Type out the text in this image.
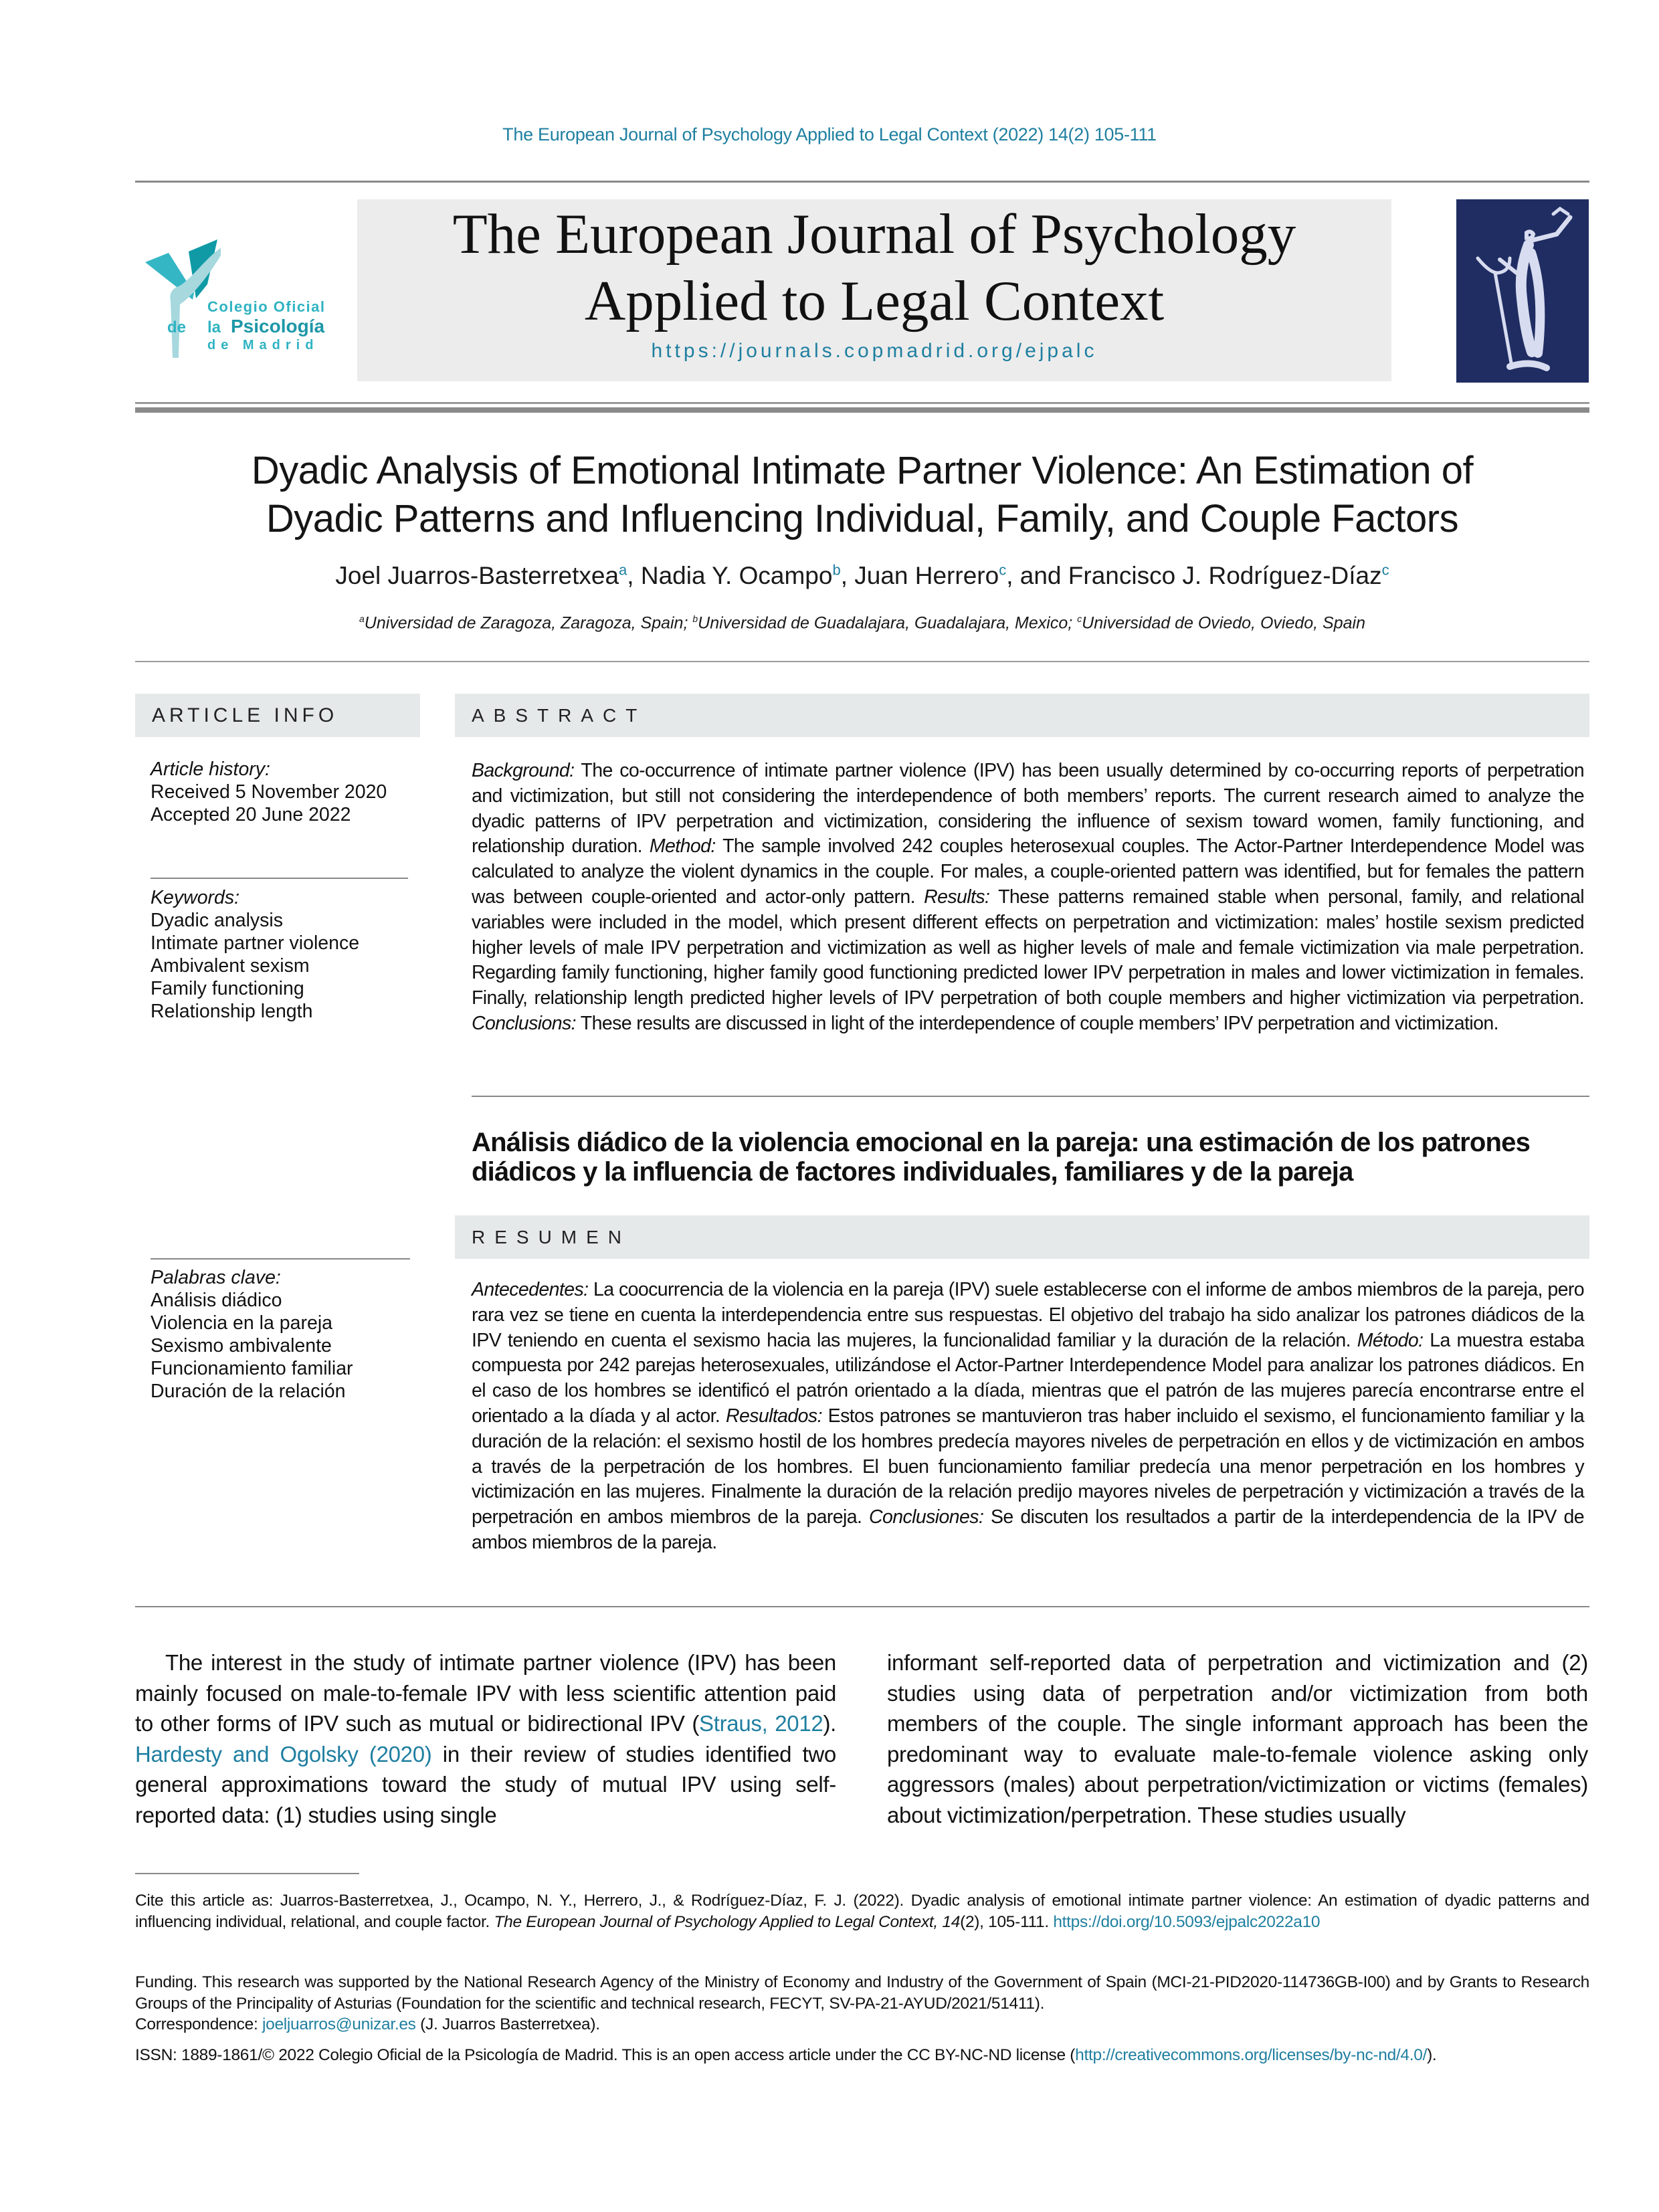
The European Journal of Psychology Applied to Legal Context (2022) 14(2) 105-111
Colegio Oficial
de la Psicología
de Madrid
The European Journal of Psychology
Applied to Legal Context
https://journals.copmadrid.org/ejpalc
Dyadic Analysis of Emotional Intimate Partner Violence: An Estimation of
Dyadic Patterns and Influencing Individual, Family, and Couple Factors
Joel Juarros-Basterretxea$^a$, Nadia Y. Ocampo$^b$, Juan Herrero$^c$, and Francisco J. Rodríguez-Díaz$^c$
$^a$Universidad de Zaragoza, Zaragoza, Spain; $^b$Universidad de Guadalajara, Guadalajara, Mexico; $^c$Universidad de Oviedo, Oviedo, Spain
ARTICLE INFO
Article history:
Received 5 November 2020
Accepted 20 June 2022
Keywords:
Dyadic analysis
Intimate partner violence
Ambivalent sexism
Family functioning
Relationship length
Palabras clave:
Análisis diádico
Violencia en la pareja
Sexismo ambivalente
Funcionamiento familiar
Duración de la relación
ABSTRACT
Background: The co-occurrence of intimate partner violence (IPV) has been usually determined by co-occurring reports of perpetration and victimization, but still not considering the interdependence of both members’ reports. The current research aimed to analyze the dyadic patterns of IPV perpetration and victimization, considering the influence of sexism toward women, family functioning, and relationship duration. Method: The sample involved 242 couples heterosexual couples. The Actor-Partner Interdependence Model was calculated to analyze the violent dynamics in the couple. For males, a couple-oriented pattern was identified, but for females the pattern was between couple-oriented and actor-only pattern. Results: These patterns remained stable when personal, family, and relational variables were included in the model, which present different effects on perpetration and victimization: males’ hostile sexism predicted higher levels of male IPV perpetration and victimization as well as higher levels of male and female victimization via male perpetration. Regarding family functioning, higher family good functioning predicted lower IPV perpetration in males and lower victimization in females. Finally, relationship length predicted higher levels of IPV perpetration of both couple members and higher victimization via perpetration. Conclusions: These results are discussed in light of the interdependence of couple members’ IPV perpetration and victimization.
Análisis diádico de la violencia emocional en la pareja: una estimación de los patrones diádicos y la influencia de factores individuales, familiares y de la pareja
RESUMEN
Antecedentes: La coocurrencia de la violencia en la pareja (IPV) suele establecerse con el informe de ambos miembros de la pareja, pero rara vez se tiene en cuenta la interdependencia entre sus respuestas. El objetivo del trabajo ha sido analizar los patrones diádicos de la IPV teniendo en cuenta el sexismo hacia las mujeres, la funcionalidad familiar y la duración de la relación. Método: La muestra estaba compuesta por 242 parejas heterosexuales, utilizándose el Actor-Partner Interdependence Model para analizar los patrones diádicos. En el caso de los hombres se identificó el patrón orientado a la díada, mientras que el patrón de las mujeres parecía encontrarse entre el orientado a la díada y al actor. Resultados: Estos patrones se mantuvieron tras haber incluido el sexismo, el funcionamiento familiar y la duración de la relación: el sexismo hostil de los hombres predecía mayores niveles de perpetración en ellos y de victimización en ambos a través de la perpetración de los hombres. El buen funcionamiento familiar predecía una menor perpetración en los hombres y victimización en las mujeres. Finalmente la duración de la relación predijo mayores niveles de perpetración y victimización a través de la perpetración en ambos miembros de la pareja. Conclusiones: Se discuten los resultados a partir de la interdependencia de la IPV de ambos miembros de la pareja.
The interest in the study of intimate partner violence (IPV) has been mainly focused on male-to-female IPV with less scientific attention paid to other forms of IPV such as mutual or bidirectional IPV (Straus, 2012). Hardesty and Ogolsky (2020) in their review of studies identified two general approximations toward the study of mutual IPV using self-reported data: (1) studies using single
informant self-reported data of perpetration and victimization and (2) studies using data of perpetration and/or victimization from both members of the couple. The single informant approach has been the predominant way to evaluate male-to-female violence asking only aggressors (males) about perpetration/victimization or victims (females) about victimization/perpetration. These studies usually
Cite this article as: Juarros-Basterretxea, J., Ocampo, N. Y., Herrero, J., & Rodríguez-Díaz, F. J. (2022). Dyadic analysis of emotional intimate partner violence: An estimation of dyadic patterns and influencing individual, relational, and couple factor. The European Journal of Psychology Applied to Legal Context, 14(2), 105-111. https://doi.org/10.5093/ejpalc2022a10
Funding. This research was supported by the National Research Agency of the Ministry of Economy and Industry of the Government of Spain (MCI-21-PID2020-114736GB-I00) and by Grants to Research Groups of the Principality of Asturias (Foundation for the scientific and technical research, FECYT, SV-PA-21-AYUD/2021/51411).
Correspondence: joeljuarros@unizar.es (J. Juarros Basterretxea).
ISSN: 1889-1861/© 2022 Colegio Oficial de la Psicología de Madrid. This is an open access article under the CC BY-NC-ND license (http://creativecommons.org/licenses/by-nc-nd/4.0/).
